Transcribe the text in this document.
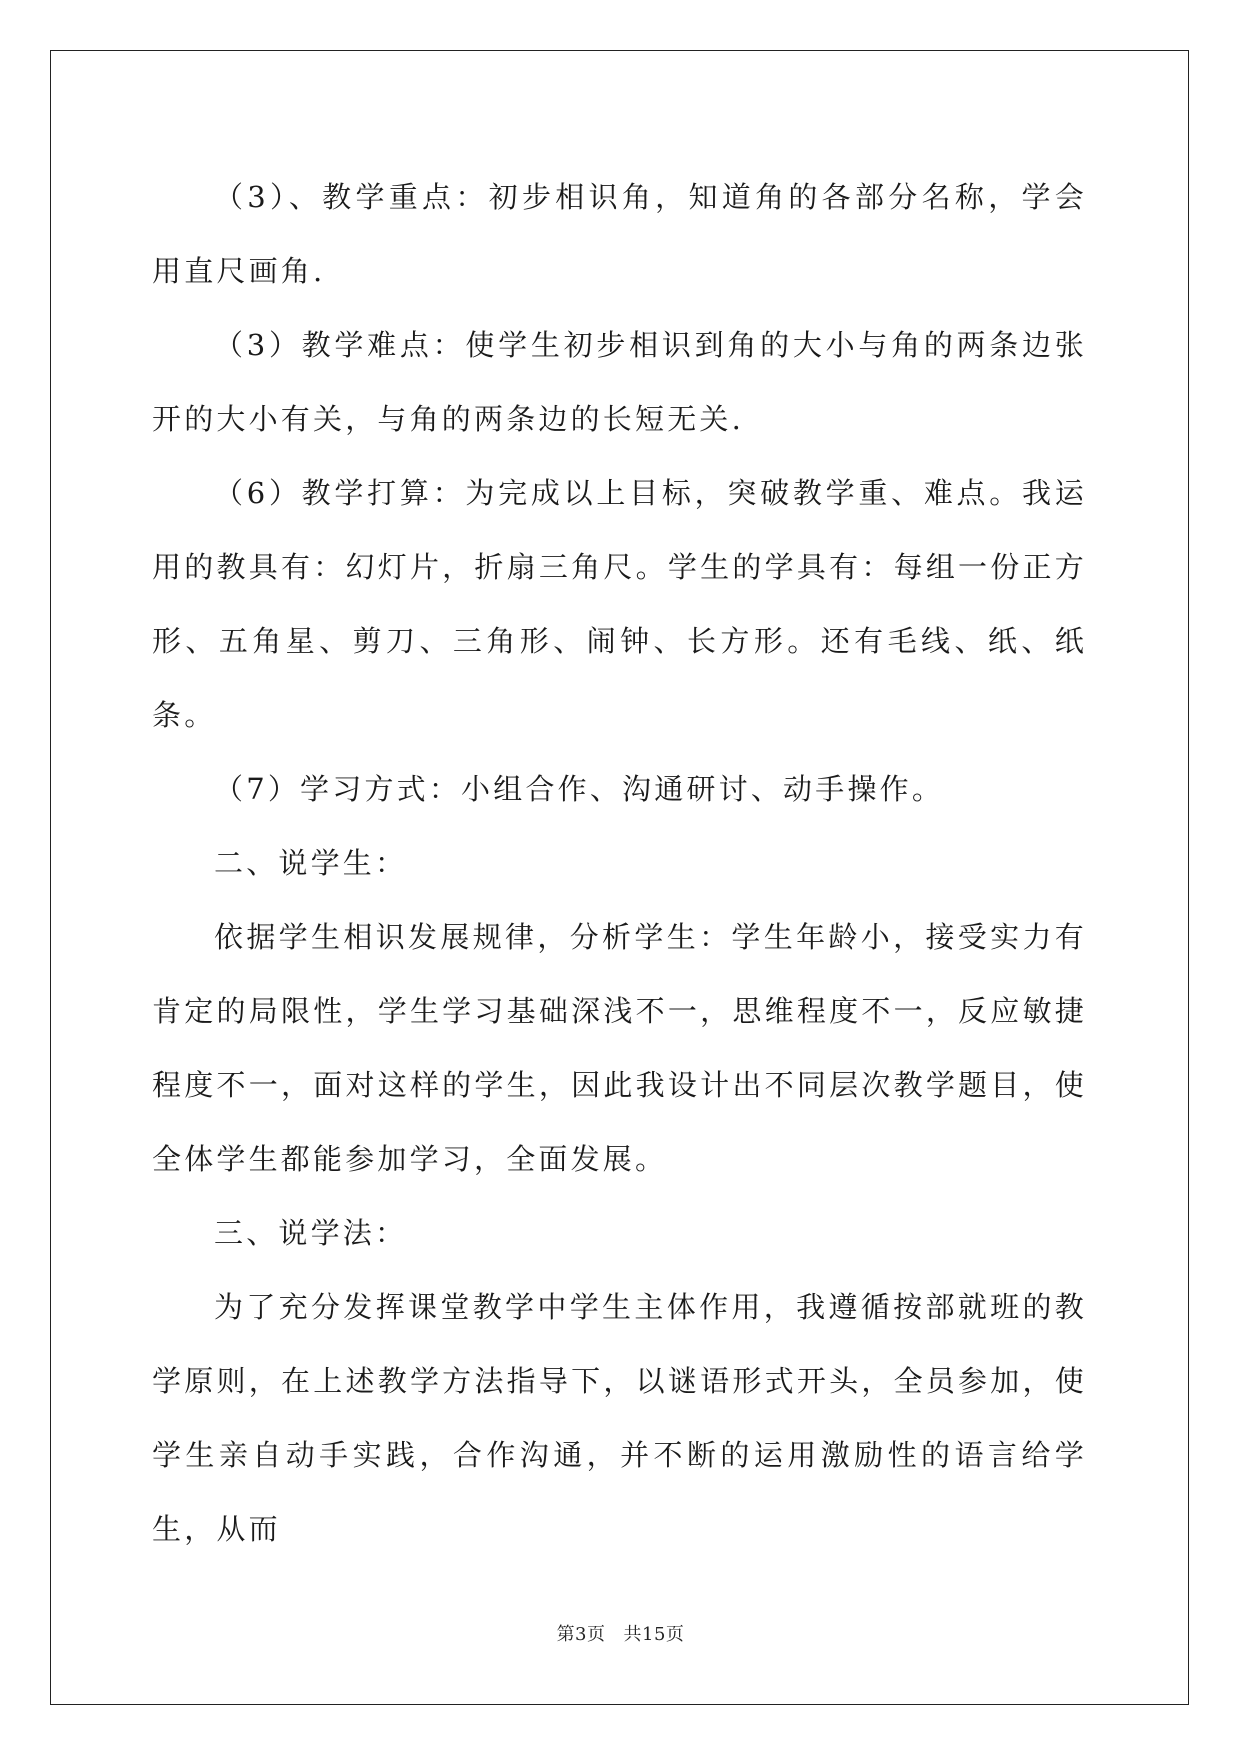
（3）、教学重点：初步相识角，知道角的各部分名称，学会用直尺画角.

（3）教学难点：使学生初步相识到角的大小与角的两条边张开的大小有关，与角的两条边的长短无关.

（6）教学打算：为完成以上目标，突破教学重、难点。我运用的教具有：幻灯片，折扇三角尺。学生的学具有：每组一份正方形、五角星、剪刀、三角形、闹钟、长方形。还有毛线、纸、纸条。

（7）学习方式：小组合作、沟通研讨、动手操作。

二、说学生：

依据学生相识发展规律，分析学生：学生年龄小，接受实力有肯定的局限性，学生学习基础深浅不一，思维程度不一，反应敏捷程度不一，面对这样的学生，因此我设计出不同层次教学题目，使全体学生都能参加学习，全面发展。

三、说学法：

为了充分发挥课堂教学中学生主体作用，我遵循按部就班的教学原则，在上述教学方法指导下，以谜语形式开头，全员参加，使学生亲自动手实践，合作沟通，并不断的运用激励性的语言给学生，从而

第3页 共15页
